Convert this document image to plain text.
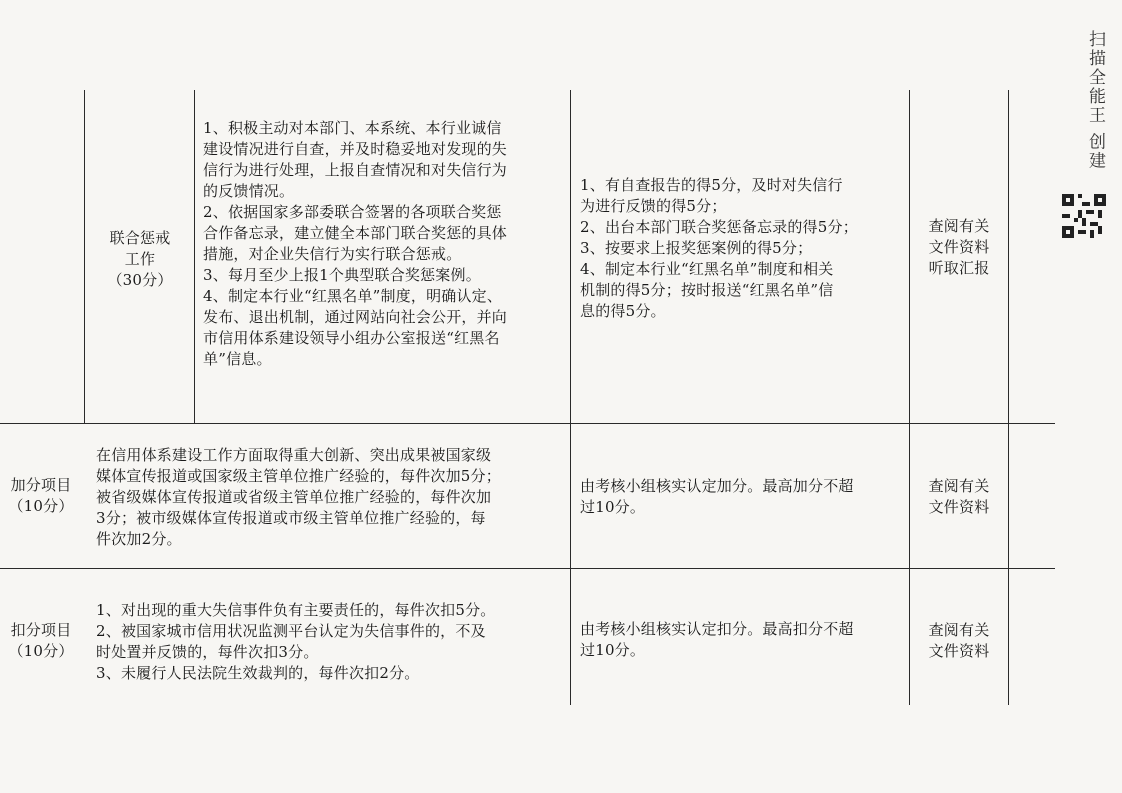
联合惩戒
工作
（30分）

1、积极主动对本部门、本系统、本行业诚信
建设情况进行自查，并及时稳妥地对发现的失
信行为进行处理，上报自查情况和对失信行为
的反馈情况。
2、依据国家多部委联合签署的各项联合奖惩
合作备忘录，建立健全本部门联合奖惩的具体
措施，对企业失信行为实行联合惩戒。
3、每月至少上报1个典型联合奖惩案例。
4、制定本行业“红黑名单”制度，明确认定、
发布、退出机制，通过网站向社会公开，并向
市信用体系建设领导小组办公室报送“红黑名
单”信息。

1、有自查报告的得5分，及时对失信行
为进行反馈的得5分；
2、出台本部门联合奖惩备忘录的得5分；
3、按要求上报奖惩案例的得5分；
4、制定本行业“红黑名单”制度和相关
机制的得5分；按时报送“红黑名单”信
息的得5分。

查阅有关
文件资料
听取汇报

加分项目
（10分）

在信用体系建设工作方面取得重大创新、突出成果被国家级
媒体宣传报道或国家级主管单位推广经验的，每件次加5分；
被省级媒体宣传报道或省级主管单位推广经验的，每件次加
3分；被市级媒体宣传报道或市级主管单位推广经验的，每
件次加2分。

由考核小组核实认定加分。最高加分不超
过10分。

查阅有关
文件资料

扣分项目
（10分）

1、对出现的重大失信事件负有主要责任的，每件次扣5分。
2、被国家城市信用状况监测平台认定为失信事件的，不及
时处置并反馈的，每件次扣3分。
3、未履行人民法院生效裁判的，每件次扣2分。

由考核小组核实认定扣分。最高扣分不超
过10分。

查阅有关
文件资料

扫描全能王 创建
